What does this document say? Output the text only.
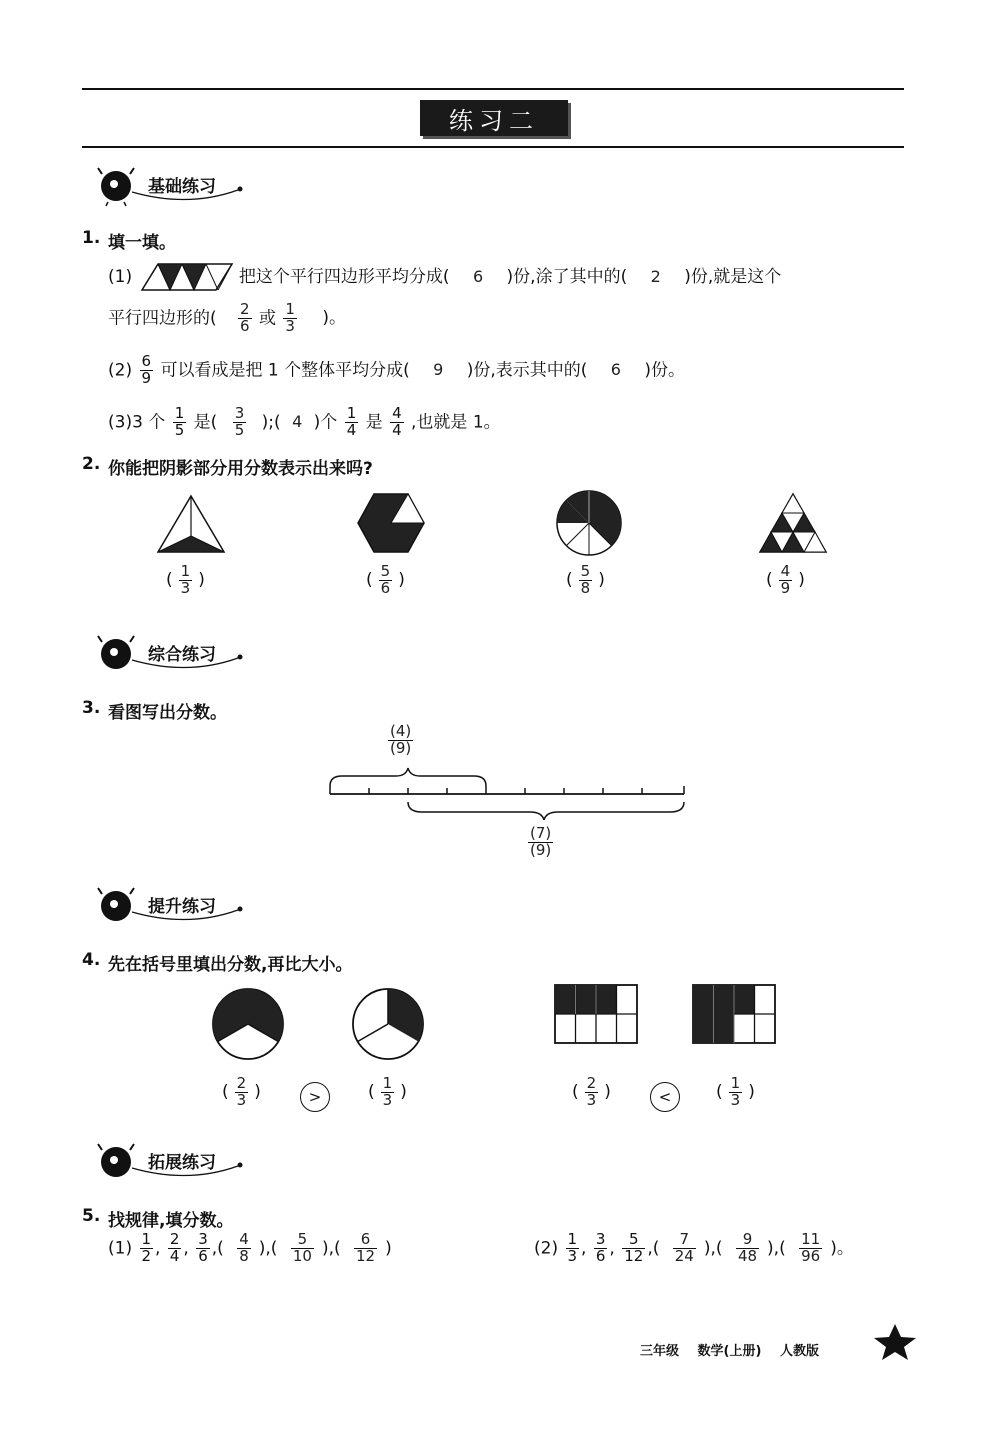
练习二
基础练习
1. 填一填。
(1)	把这个平行四边形平均分成( 6 )份,涂了其中的( 2 )份,就是这个
平行四边形的( $\frac{2}{6}$ 或 $\frac{1}{3}$ )。
$(2) \frac{6}{9}$ 可以看成是把 1 个整体平均分成( 9 )份,表示其中的( 6 )份。
(3)3 个 $\frac{1}{5}$ 是( $\frac{3}{5}$ );( 4 )个 $\frac{1}{4}$ 是 $\frac{4}{4}$ ,也就是 1。
2. 你能把阴影部分用分数表示出来吗?
( $\frac{1}{3}$ )	( $\frac{5}{6}$ )	( $\frac{5}{8}$ )	( $\frac{4}{9}$ )
综合练习
3. 看图写出分数。
$\frac{(4)}{(9)}$
$\frac{(7)}{(9)}$
提升练习
4. 先在括号里填出分数,再比大小。
( $\frac{2}{3}$ )	>	( $\frac{1}{3}$ )	( $\frac{2}{3}$ )	<	( $\frac{1}{3}$ )
拓展练习
5. 找规律,填分数。
$(1) \frac{1}{2}$ , $\frac{2}{4}$ , $\frac{3}{6}$ ,( $\frac{4}{8}$ ),( $\frac{5}{10}$ ),( $\frac{6}{12}$ )	$(2) \frac{1}{3}$ , $\frac{3}{6}$ , $\frac{5}{12}$ ,( $\frac{7}{24}$ ),( $\frac{9}{48}$ ),( $\frac{11}{96}$ )。
三年级 数学(上册) 人教版
